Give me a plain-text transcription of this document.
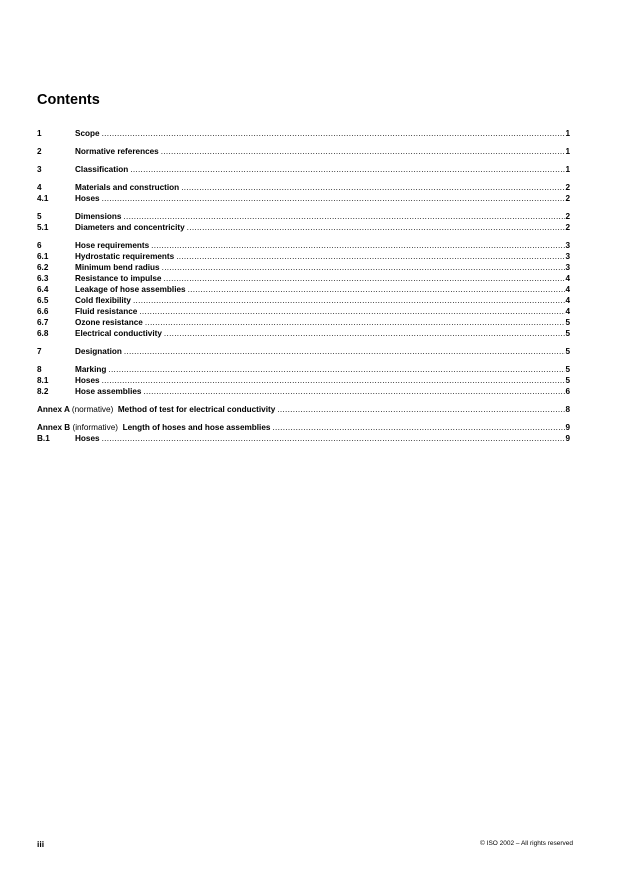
Contents
1	Scope .....	1
2	Normative references .....	1
3	Classification .....	1
4	Materials and construction .....	2
4.1	Hoses .....	2
5	Dimensions .....	2
5.1	Diameters and concentricity .....	2
6	Hose requirements .....	3
6.1	Hydrostatic requirements .....	3
6.2	Minimum bend radius .....	3
6.3	Resistance to impulse .....	4
6.4	Leakage of hose assemblies .....	4
6.5	Cold flexibility .....	4
6.6	Fluid resistance .....	4
6.7	Ozone resistance .....	5
6.8	Electrical conductivity .....	5
7	Designation .....	5
8	Marking .....	5
8.1	Hoses .....	5
8.2	Hose assemblies .....	6
Annex A (normative) Method of test for electrical conductivity .....	8
Annex B (informative) Length of hoses and hose assemblies .....	9
B.1	Hoses .....	9
iii	© ISO 2002 – All rights reserved
